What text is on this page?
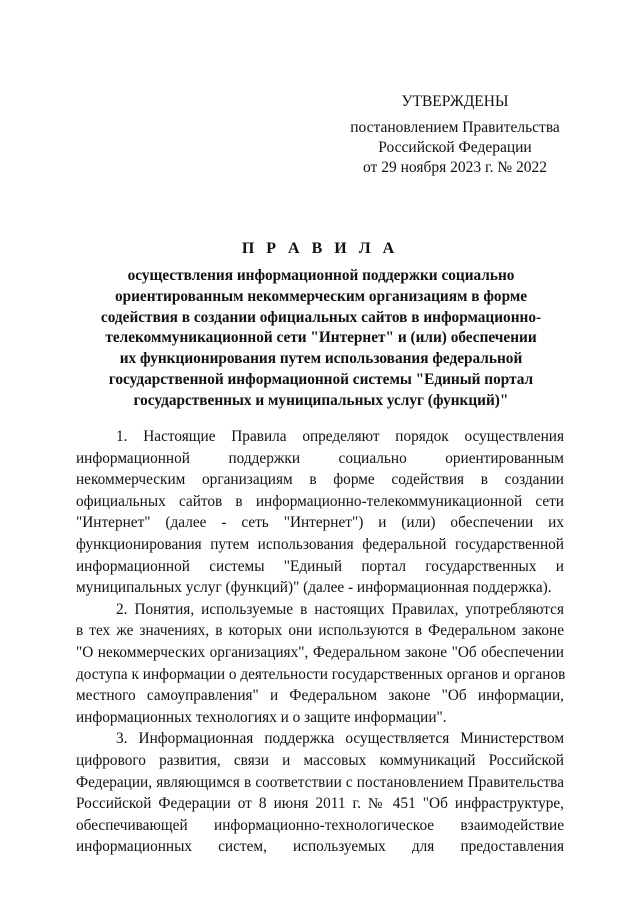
УТВЕРЖДЕНЫ
постановлением Правительства
Российской Федерации
от 29 ноября 2023 г. № 2022
П Р А В И Л А
осуществления информационной поддержки социально
ориентированным некоммерческим организациям в форме
содействия в создании официальных сайтов в информационно-
телекоммуникационной сети "Интернет" и (или) обеспечении
их функционирования путем использования федеральной
государственной информационной системы "Единый портал
государственных и муниципальных услуг (функций)"

1. Настоящие Правила определяют порядок осуществления
информационной поддержки социально ориентированным
некоммерческим организациям в форме содействия в создании
официальных сайтов в информационно-телекоммуникационной сети
"Интернет" (далее - сеть "Интернет") и (или) обеспечении их
функционирования путем использования федеральной государственной
информационной системы "Единый портал государственных и
муниципальных услуг (функций)" (далее - информационная поддержка).

2. Понятия, используемые в настоящих Правилах, употребляются
в тех же значениях, в которых они используются в Федеральном законе
"О некоммерческих организациях", Федеральном законе "Об обеспечении
доступа к информации о деятельности государственных органов и органов
местного самоуправления" и Федеральном законе "Об информации,
информационных технологиях и о защите информации".

3. Информационная поддержка осуществляется Министерством
цифрового развития, связи и массовых коммуникаций Российской
Федерации, являющимся в соответствии с постановлением Правительства
Российской Федерации от 8 июня 2011 г. № 451 "Об инфраструктуре,
обеспечивающей информационно-технологическое взаимодействие
информационных систем, используемых для предоставления
